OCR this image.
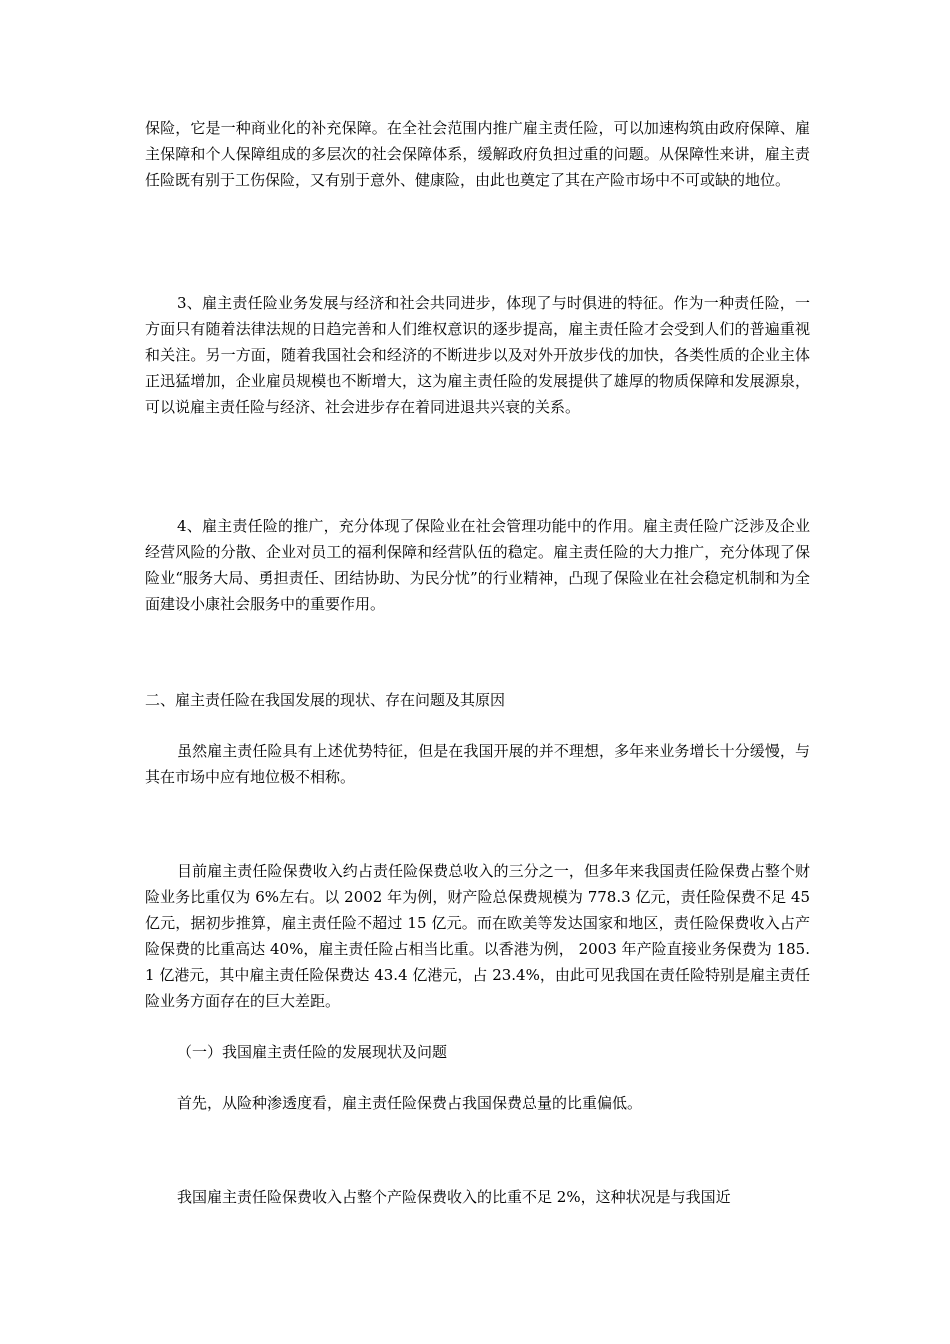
保险，它是一种商业化的补充保障。在全社会范围内推广雇主责任险，可以加速构筑由政府保障、雇主保障和个人保障组成的多层次的社会保障体系，缓解政府负担过重的问题。从保障性来讲，雇主责任险既有别于工伤保险，又有别于意外、健康险，由此也奠定了其在产险市场中不可或缺的地位。

3、雇主责任险业务发展与经济和社会共同进步，体现了与时俱进的特征。作为一种责任险，一方面只有随着法律法规的日趋完善和人们维权意识的逐步提高，雇主责任险才会受到人们的普遍重视和关注。另一方面，随着我国社会和经济的不断进步以及对外开放步伐的加快，各类性质的企业主体正迅猛增加，企业雇员规模也不断增大，这为雇主责任险的发展提供了雄厚的物质保障和发展源泉，可以说雇主责任险与经济、社会进步存在着同进退共兴衰的关系。

4、雇主责任险的推广，充分体现了保险业在社会管理功能中的作用。雇主责任险广泛涉及企业经营风险的分散、企业对员工的福利保障和经营队伍的稳定。雇主责任险的大力推广，充分体现了保险业“服务大局、勇担责任、团结协助、为民分忧”的行业精神，凸现了保险业在社会稳定机制和为全面建设小康社会服务中的重要作用。

二、雇主责任险在我国发展的现状、存在问题及其原因

虽然雇主责任险具有上述优势特征，但是在我国开展的并不理想，多年来业务增长十分缓慢，与其在市场中应有地位极不相称。

目前雇主责任险保费收入约占责任险保费总收入的三分之一，但多年来我国责任险保费占整个财险业务比重仅为 6%左右。以 2002 年为例，财产险总保费规模为 778.3 亿元，责任险保费不足 45 亿元，据初步推算，雇主责任险不超过 15 亿元。而在欧美等发达国家和地区，责任险保费收入占产险保费的比重高达 40%，雇主责任险占相当比重。以香港为例， 2003 年产险直接业务保费为 185.1 亿港元，其中雇主责任险保费达 43.4 亿港元，占 23.4%，由此可见我国在责任险特别是雇主责任险业务方面存在的巨大差距。

（一）我国雇主责任险的发展现状及问题

首先，从险种渗透度看，雇主责任险保费占我国保费总量的比重偏低。

我国雇主责任险保费收入占整个产险保费收入的比重不足 2%，这种状况是与我国近
